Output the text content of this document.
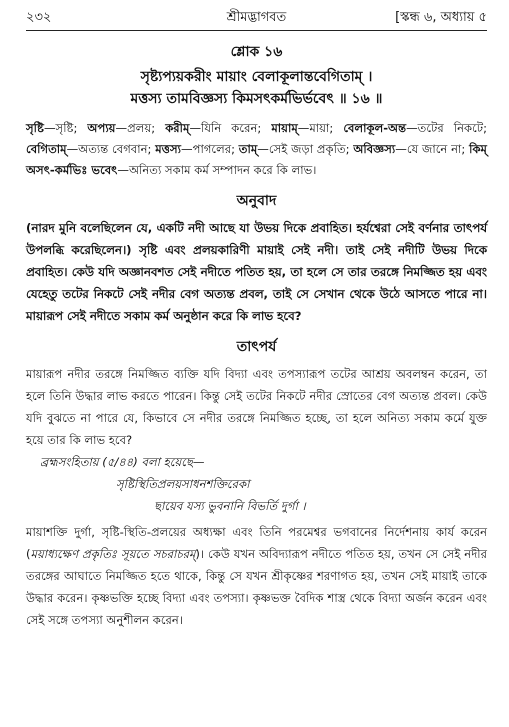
২৩২	শ্রীমদ্ভাগবত	[স্কন্ধ ৬, অধ্যায় ৫
শ্লোক ১৬

সৃষ্ট্যপ্যয়করীং মায়াং বেলাকূলান্তবেগিতাম্ ।

মত্তস্য তামবিজ্ঞস্য কিমসৎকর্মভির্ভবেৎ ॥ ১৬ ॥

সৃষ্টি—সৃষ্টি; অপ্যয়—প্রলয়; করীম্—যিনি করেন; মায়াম্—মায়া; বেলাকূল-অন্ত—তটের নিকটে; বেগিতাম্—অত্যন্ত বেগবান; মত্তস্য—পাগলের; তাম্—সেই জড়া প্রকৃতি; অবিজ্ঞস্য—যে জানে না; কিম্ অসৎ-কর্মভিঃ ভবেৎ—অনিত্য সকাম কর্ম সম্পাদন করে কি লাভ।

অনুবাদ

(নারদ মুনি বলেছিলেন যে, একটি নদী আছে যা উভয় দিকে প্রবাহিত। হর্যশ্বেরা সেই বর্ণনার তাৎপর্য উপলব্ধি করেছিলেন।) সৃষ্টি এবং প্রলয়কারিণী মায়াই সেই নদী। তাই সেই নদীটি উভয় দিকে প্রবাহিত। কেউ যদি অজ্ঞানবশত সেই নদীতে পতিত হয়, তা হলে সে তার তরঙ্গে নিমজ্জিত হয় এবং যেহেতু তটের নিকটে সেই নদীর বেগ অত্যন্ত প্রবল, তাই সে সেখান থেকে উঠে আসতে পারে না। মায়ারূপ সেই নদীতে সকাম কর্ম অনুষ্ঠান করে কি লাভ হবে?

তাৎপর্য

মায়ারূপ নদীর তরঙ্গে নিমজ্জিত ব্যক্তি যদি বিদ্যা এবং তপস্যারূপ তটের আশ্রয় অবলম্বন করেন, তা হলে তিনি উদ্ধার লাভ করতে পারেন। কিন্তু সেই তটের নিকটে নদীর স্রোতের বেগ অত্যন্ত প্রবল। কেউ যদি বুঝতে না পারে যে, কিভাবে সে নদীর তরঙ্গে নিমজ্জিত হচ্ছে, তা হলে অনিত্য সকাম কর্মে যুক্ত হয়ে তার কি লাভ হবে?

ব্রহ্মসংহিতায় (৫/৪৪) বলা হয়েছে—

সৃষ্টিস্থিতিপ্রলয়সাধনশক্তিরেকা

ছায়েব যস্য ভুবনানি বিভর্তি দুর্গা ।

মায়াশক্তি দুর্গা, সৃষ্টি-স্থিতি-প্রলয়ের অধ্যক্ষা এবং তিনি পরমেশ্বর ভগবানের নির্দেশনায় কার্য করেন (ময়াধ্যক্ষেণ প্রকৃতিঃ সূয়তে সচরাচরম্)। কেউ যখন অবিদ্যারূপ নদীতে পতিত হয়, তখন সে সেই নদীর তরঙ্গের আঘাতে নিমজ্জিত হতে থাকে, কিন্তু সে যখন শ্রীকৃষ্ণের শরণাগত হয়, তখন সেই মায়াই তাকে উদ্ধার করেন। কৃষ্ণভক্তি হচ্ছে বিদ্যা এবং তপস্যা। কৃষ্ণভক্ত বৈদিক শাস্ত্র থেকে বিদ্যা অর্জন করেন এবং সেই সঙ্গে তপস্যা অনুশীলন করেন।
